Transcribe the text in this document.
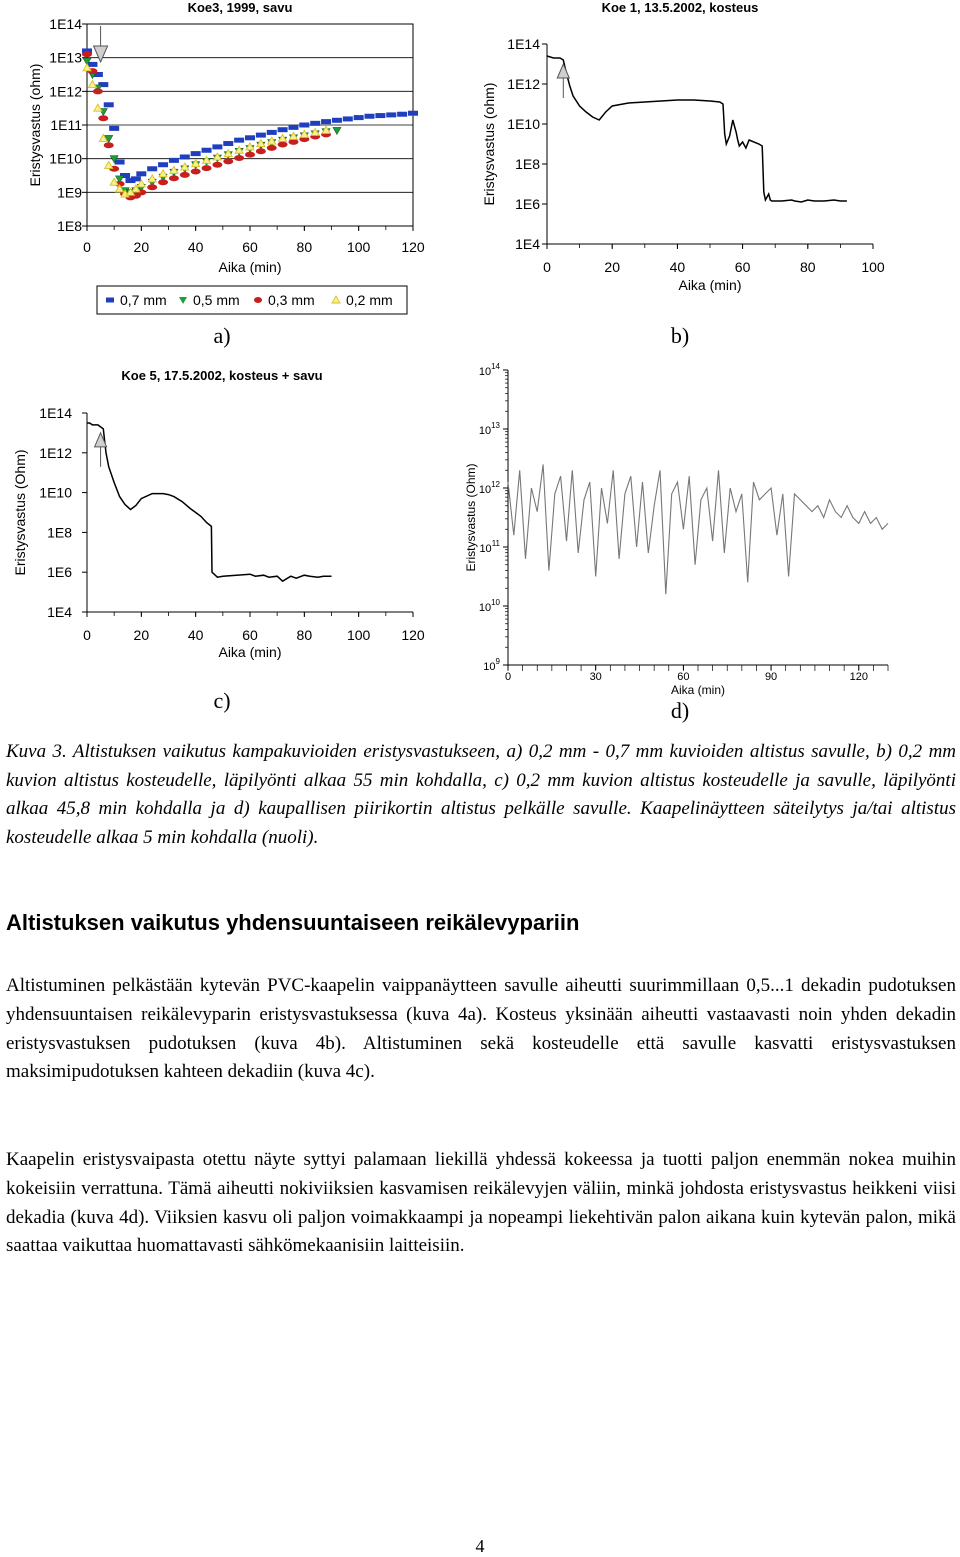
Koe3, 1999, savu
1E8
1E9
1E10
1E11
1E12
1E13
1E14
0	20	40	60	80 100 120
Aika (min)
Eristysvastus (ohm)
0,7 mm 0,5 mm 0,3 mm 0,2 mm
a)
Koe 1, 13.5.2002, kosteus
1E4
1E6
1E8
1E10
1E12
1E14
0	20	40	60	80	100
Aika (min)
Eristysvastus (ohm)
b)
Koe 5, 17.5.2002, kosteus + savu
1E4
1E6
1E8
1E10
1E12
1E14
0	20	40	60	80 100 120
Aika (min)
Eristysvastus (Ohm)
c)
$10^9$
$10^{10}$
$10^{11}$
$10^{12}$
$10^{13}$
$10^{14}$
0	30	60	90	120
Aika (min)
Eristysvastus (Ohm)
d)

Kuva 3. Altistuksen vaikutus kampakuvioiden eristysvastukseen, a) 0,2 mm - 0,7 mm kuvioiden altistus savulle, b) 0,2 mm kuvion altistus kosteudelle, läpilyönti alkaa 55 min kohdalla, c) 0,2 mm kuvion altistus kosteudelle ja savulle, läpilyönti alkaa 45,8 min kohdalla ja d) kaupallisen piirikortin altistus pelkälle savulle. Kaapelinäytteen säteilytys ja/tai altistus kosteudelle alkaa 5 min kohdalla (nuoli).

Altistuksen vaikutus yhdensuuntaiseen reikälevypariin

Altistuminen pelkästään kytevän PVC-kaapelin vaippanäytteen savulle aiheutti suurimmillaan 0,5...1 dekadin pudotuksen yhdensuuntaisen reikälevyparin eristysvastuksessa (kuva 4a). Kosteus yksinään aiheutti vastaavasti noin yhden dekadin eristysvastuksen pudotuksen (kuva 4b). Altistuminen sekä kosteudelle että savulle kasvatti eristysvastuksen maksimipudotuksen kahteen dekadiin (kuva 4c).

Kaapelin eristysvaipasta otettu näyte syttyi palamaan liekillä yhdessä kokeessa ja tuotti paljon enemmän nokea muihin kokeisiin verrattuna. Tämä aiheutti nokiviiksien kasvamisen reikälevyjen väliin, minkä johdosta eristysvastus heikkeni viisi dekadia (kuva 4d). Viiksien kasvu oli paljon voimakkaampi ja nopeampi liekehtivän palon aikana kuin kytevän palon, mikä saattaa vaikuttaa huomattavasti sähkömekaanisiin laitteisiin.

4
